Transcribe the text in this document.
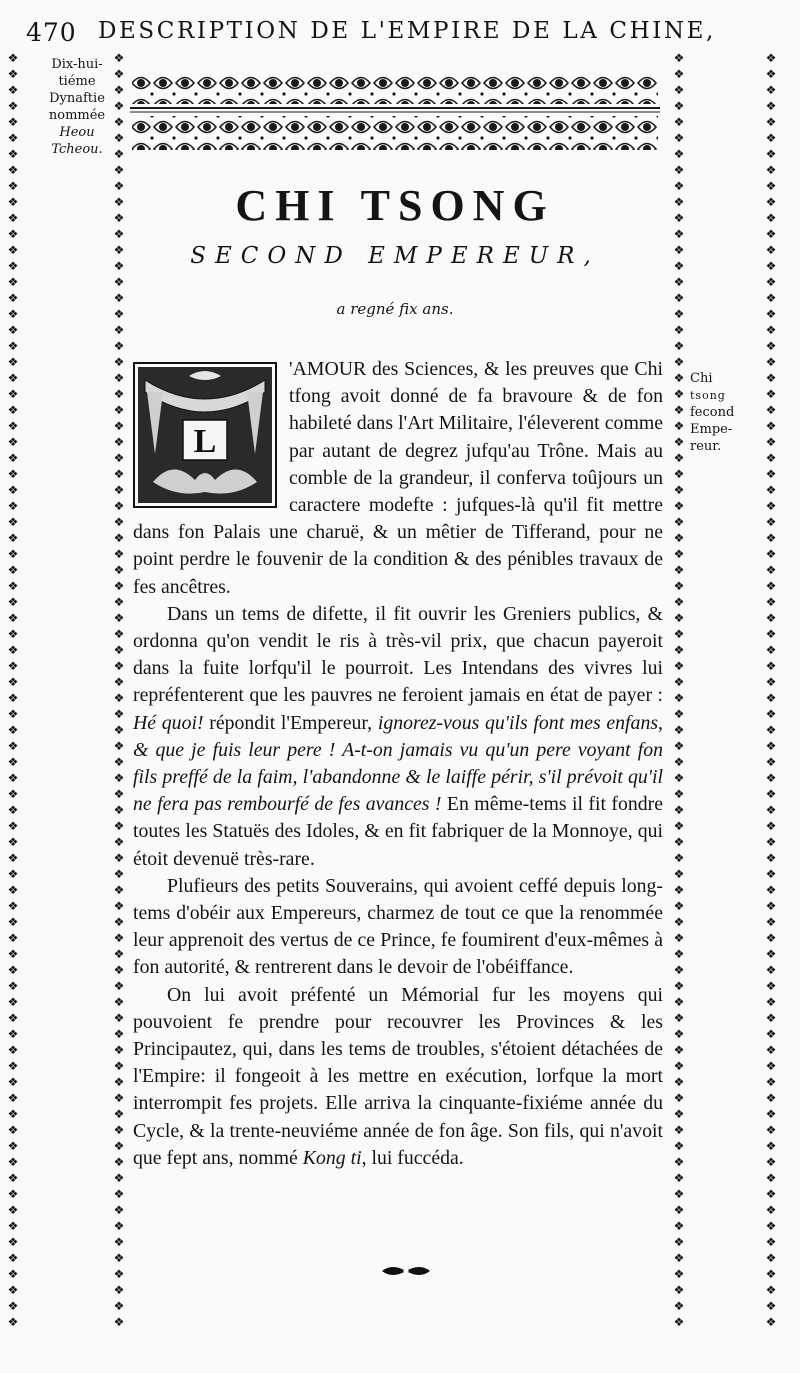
470 DESCRIPTION DE L'EMPIRE DE LA CHINE,
Dix-hui-
tiéme
Dynaftie
nommée
Heou
Tcheou.
Chi
tsong
fecond
Empe-
reur.
❖
❖
❖
❖
❖
❖
❖
❖
❖
❖
❖
❖
❖
❖
❖
❖
❖
❖
❖
❖
❖
❖
❖
❖
❖
❖
❖
❖
❖
❖
❖
❖
❖
❖
❖
❖
❖
❖
❖
❖
❖
❖
❖
❖
❖
❖
❖
❖
❖
❖
❖
❖
❖
❖
❖
❖
❖
❖
❖
❖
❖
❖
❖
❖
❖
❖
❖
❖
❖
❖
❖
❖
❖
❖
❖
❖
❖
❖
❖
❖
❖
❖
❖
❖
❖
❖
❖
❖
❖
❖
❖
❖
❖
❖
❖
❖
❖
❖
❖
❖
❖
❖
❖
❖
❖
❖
❖
❖
❖
❖
❖
❖
❖
❖
❖
❖
❖
❖
❖
❖
❖
❖
❖
❖
❖
❖
❖
❖
❖
❖
❖
❖
❖
❖
❖
❖
❖
❖
❖
❖
❖
❖
❖
❖
❖
❖
❖
❖
❖
❖
❖
❖
❖
❖
❖
❖
❖
❖
❖
❖
❖
❖
❖
❖
❖
❖
❖
❖
❖
❖
❖
❖
❖
❖
❖
❖
❖
❖
❖
❖
❖
❖
❖
❖
❖
❖
❖
❖
❖
❖
❖
❖
❖
❖
❖
❖
❖
❖
❖
❖
❖
❖
❖
❖
❖
❖
❖
❖
❖
❖
❖
❖
❖
❖
❖
❖
❖
❖
❖
❖
❖
❖
❖
❖
❖
❖
❖
❖
❖
❖
❖
❖
❖
❖
❖
❖
❖
❖
❖
❖
❖
❖
❖
❖
❖
❖
❖
❖
❖
❖
❖
❖
❖
❖
❖
❖
❖
❖
❖
❖
❖
❖
❖
❖
❖
❖
❖
❖
❖
❖
❖
❖
❖
❖
❖
❖
❖
❖
❖
❖
❖
❖
❖
❖
❖
❖
❖
❖
❖
❖
❖
❖
❖
❖
❖
❖
❖
❖
❖
❖
❖
❖
❖
❖
❖
❖
❖
❖
❖
❖
❖
❖
❖
❖
❖
❖
❖
❖
❖
❖
CHI TSONG
SECOND EMPEREUR,
a regné fix ans.
L

'AMOUR des Sciences, & les preuves que Chi tfong avoit donné de fa bravoure & de fon habileté dans l'Art Militaire, l'éleverent comme par autant de degrez jufqu'au Trône. Mais au comble de la grandeur, il conferva toûjours un caractere modefte : jufques-là qu'il fit mettre dans fon Palais une charuë, & un mêtier de Tifferand, pour ne point perdre le fouvenir de la condition & des pénibles travaux de fes ancêtres.

Dans un tems de difette, il fit ouvrir les Greniers publics, & ordonna qu'on vendit le ris à très-vil prix, que chacun payeroit dans la fuite lorfqu'il le pourroit. Les Intendans des vivres lui repréfenterent que les pauvres ne feroient jamais en état de payer : Hé quoi! répondit l'Empereur, ignorez-vous qu'ils font mes enfans, & que je fuis leur pere ! A-t-on jamais vu qu'un pere voyant fon fils preffé de la faim, l'abandonne & le laiffe périr, s'il prévoit qu'il ne fera pas rembourfé de fes avances ! En même-tems il fit fondre toutes les Statuës des Idoles, & en fit fabriquer de la Monnoye, qui étoit devenuë très-rare.

Plufieurs des petits Souverains, qui avoient ceffé depuis long-tems d'obéir aux Empereurs, charmez de tout ce que la renommée leur apprenoit des vertus de ce Prince, fe foumirent d'eux-mêmes à fon autorité, & rentrerent dans le devoir de l'obéiffance.

On lui avoit préfenté un Mémorial fur les moyens qui pouvoient fe prendre pour recouvrer les Provinces & les Principautez, qui, dans les tems de troubles, s'étoient détachées de l'Empire: il fongeoit à les mettre en exécution, lorfque la mort interrompit fes projets. Elle arriva la cinquante-fixiéme année du Cycle, & la trente-neuviéme année de fon âge. Son fils, qui n'avoit que fept ans, nommé Kong ti, lui fuccéda.
